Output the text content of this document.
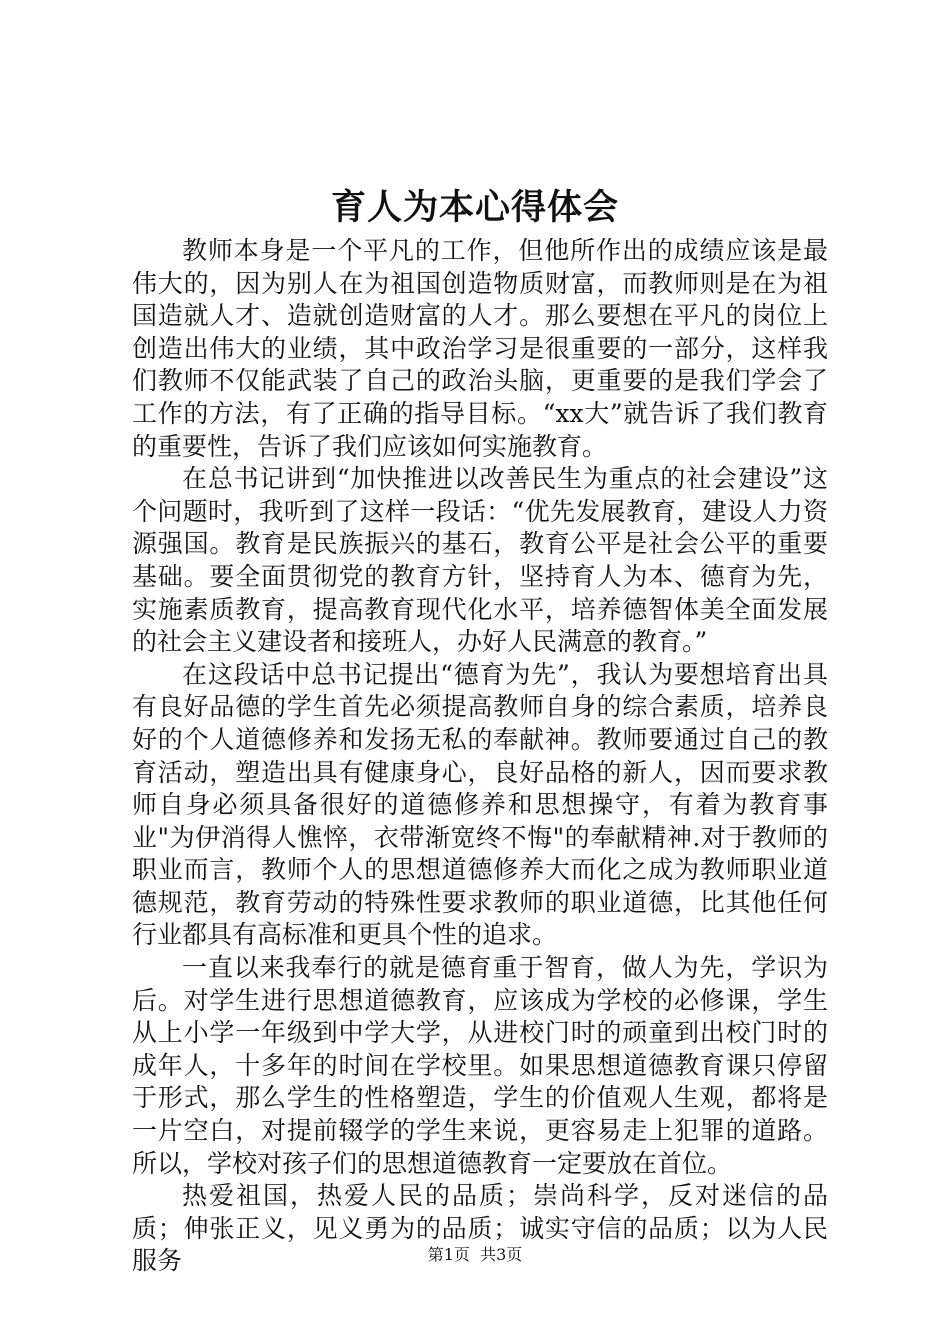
育人为本心得体会

教师本身是一个平凡的工作，但他所作出的成绩应该是最伟大的，因为别人在为祖国创造物质财富，而教师则是在为祖国造就人才、造就创造财富的人才。那么要想在平凡的岗位上创造出伟大的业绩，其中政治学习是很重要的一部分，这样我们教师不仅能武装了自己的政治头脑，更重要的是我们学会了工作的方法，有了正确的指导目标。“xx大”就告诉了我们教育的重要性，告诉了我们应该如何实施教育。

在总书记讲到“加快推进以改善民生为重点的社会建设”这个问题时，我听到了这样一段话：“优先发展教育，建设人力资源强国。教育是民族振兴的基石，教育公平是社会公平的重要基础。要全面贯彻党的教育方针，坚持育人为本、德育为先，实施素质教育，提高教育现代化水平，培养德智体美全面发展的社会主义建设者和接班人，办好人民满意的教育。”

在这段话中总书记提出“德育为先”，我认为要想培育出具有良好品德的学生首先必须提高教师自身的综合素质，培养良好的个人道德修养和发扬无私的奉献神。教师要通过自己的教育活动，塑造出具有健康身心，良好品格的新人，因而要求教师自身必须具备很好的道德修养和思想操守，有着为教育事业"为伊消得人憔悴，衣带渐宽终不悔"的奉献精神.对于教师的职业而言，教师个人的思想道德修养大而化之成为教师职业道德规范，教育劳动的特殊性要求教师的职业道德，比其他任何行业都具有高标准和更具个性的追求。

一直以来我奉行的就是德育重于智育，做人为先，学识为后。对学生进行思想道德教育，应该成为学校的必修课，学生从上小学一年级到中学大学，从进校门时的顽童到出校门时的成年人，十多年的时间在学校里。如果思想道德教育课只停留于形式，那么学生的性格塑造，学生的价值观人生观，都将是一片空白，对提前辍学的学生来说，更容易走上犯罪的道路。所以，学校对孩子们的思想道德教育一定要放在首位。

热爱祖国，热爱人民的品质；崇尚科学，反对迷信的品质；伸张正义，见义勇为的品质；诚实守信的品质；以为人民服务	第1页  共3页
